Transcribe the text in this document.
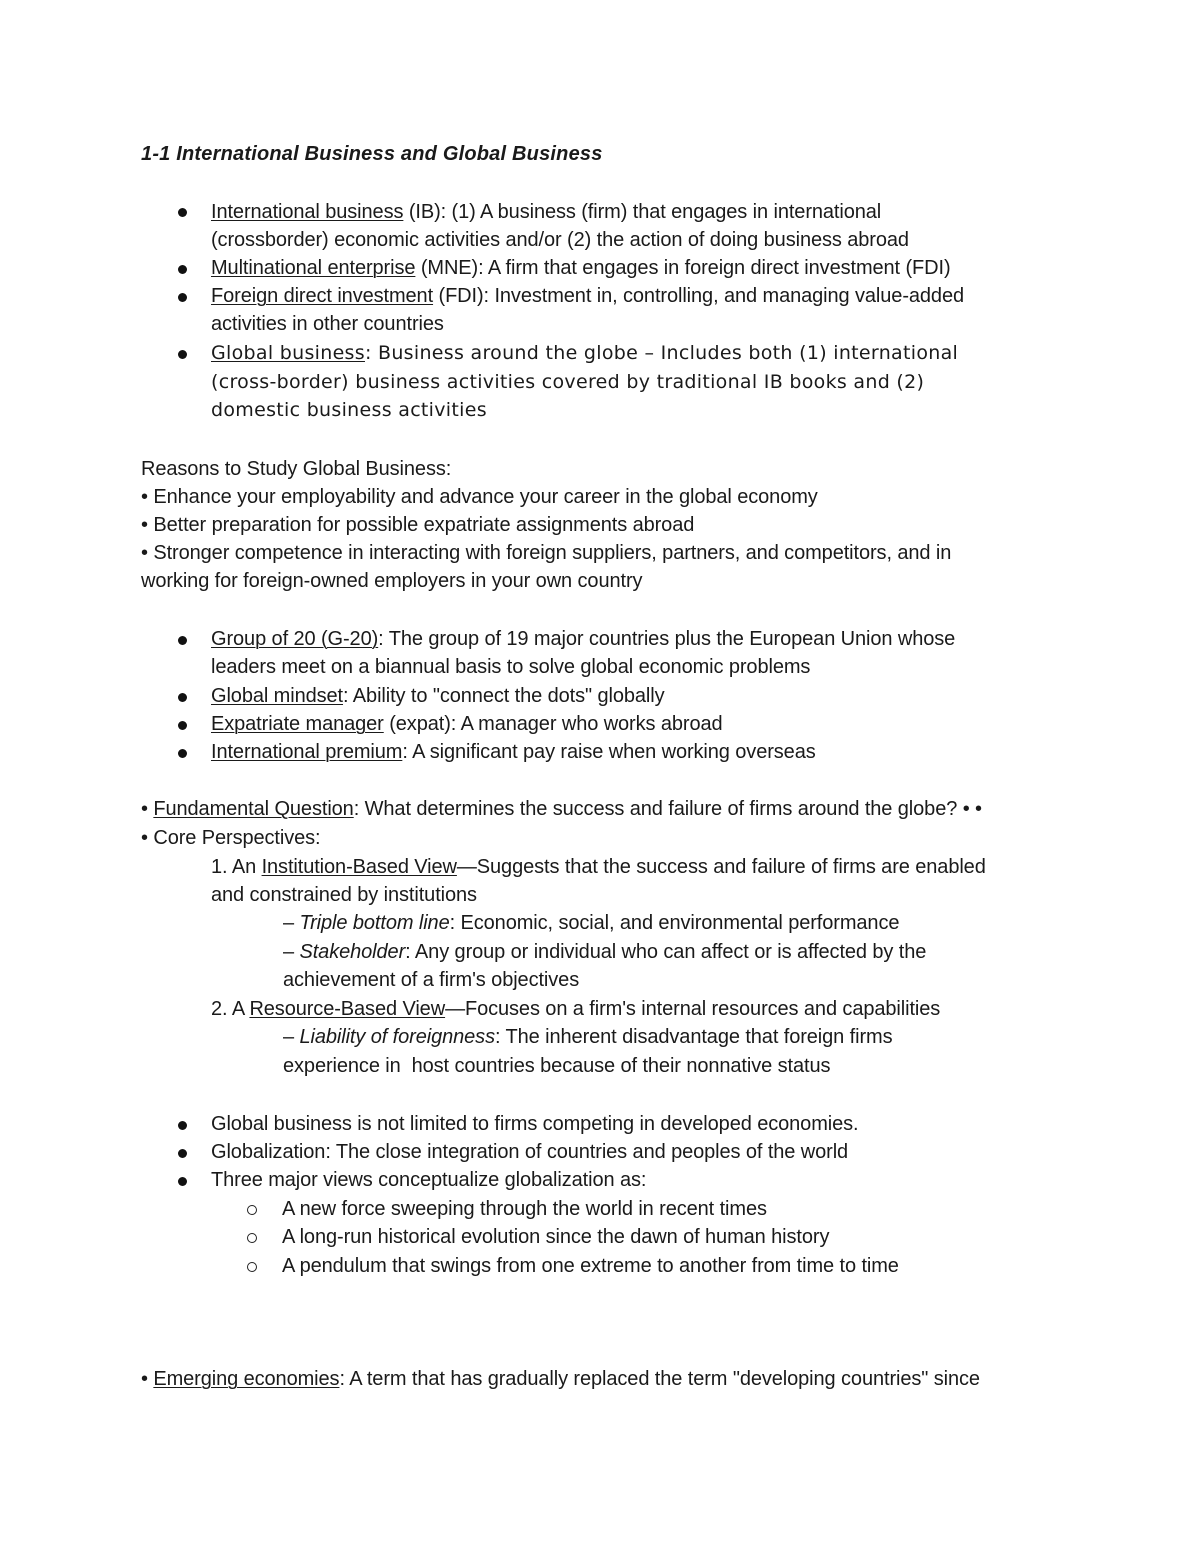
1-1 International Business and Global Business
International business (IB): (1) A business (firm) that engages in international
(crossborder) economic activities and/or (2) the action of doing business abroad
Multinational enterprise (MNE): A firm that engages in foreign direct investment (FDI)
Foreign direct investment (FDI): Investment in, controlling, and managing value-added
activities in other countries
Global business: Business around the globe – Includes both (1) international
(cross-border) business activities covered by traditional IB books and (2)
domestic business activities
Reasons to Study Global Business:
• Enhance your employability and advance your career in the global economy
• Better preparation for possible expatriate assignments abroad
• Stronger competence in interacting with foreign suppliers, partners, and competitors, and in
working for foreign-owned employers in your own country
Group of 20 (G-20): The group of 19 major countries plus the European Union whose
leaders meet on a biannual basis to solve global economic problems
Global mindset: Ability to "connect the dots" globally
Expatriate manager (expat): A manager who works abroad
International premium: A significant pay raise when working overseas
• Fundamental Question: What determines the success and failure of firms around the globe? • •
• Core Perspectives:
1. An Institution-Based View—Suggests that the success and failure of firms are enabled
and constrained by institutions
– Triple bottom line: Economic, social, and environmental performance
– Stakeholder: Any group or individual who can affect or is affected by the
achievement of a firm's objectives
2. A Resource-Based View—Focuses on a firm's internal resources and capabilities
– Liability of foreignness: The inherent disadvantage that foreign firms
experience in  host countries because of their nonnative status
Global business is not limited to firms competing in developed economies.
Globalization: The close integration of countries and peoples of the world
Three major views conceptualize globalization as:
A new force sweeping through the world in recent times
A long-run historical evolution since the dawn of human history
A pendulum that swings from one extreme to another from time to time
• Emerging economies: A term that has gradually replaced the term "developing countries" since
